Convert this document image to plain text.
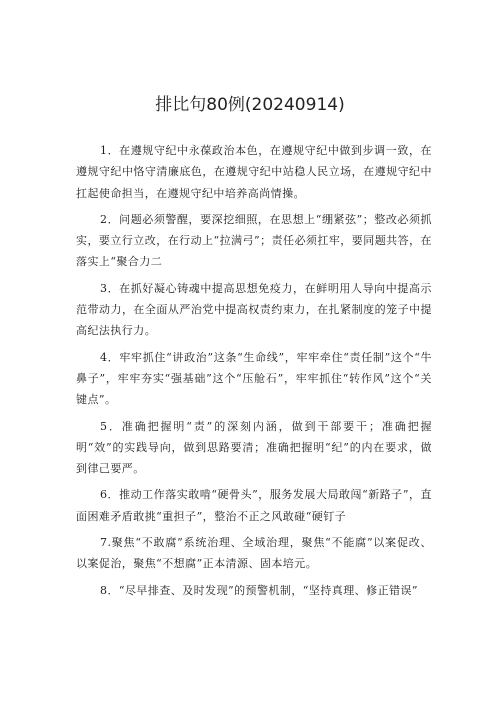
排比句80例(20240914)

1．在遵规守纪中永葆政治本色，在遵规守纪中做到步调一致，在遵规守纪中恪守清廉底色，在遵规守纪中站稳人民立场，在遵规守纪中扛起使命担当，在遵规守纪中培养高尚情操。

2．问题必须警醒，要深挖细照，在思想上“绷紧弦”；整改必须抓实，要立行立改，在行动上“拉满弓”；责任必须扛牢，要同题共答，在落实上“聚合力二

3．在抓好凝心铸魂中提高思想免疫力，在鲜明用人导向中提高示范带动力，在全面从严治党中提高权责约束力，在扎紧制度的笼子中提高纪法执行力。

4．牢牢抓住“讲政治”这条“生命线”，牢牢牵住“责任制”这个“牛鼻子”，牢牢夯实“强基础”这个“压舱石”，牢牢抓住“转作风”这个“关键点”。

5．准确把握明“责”的深刻内涵，做到干部要干；准确把握明“效”的实践导向，做到思路要清；准确把握明“纪”的内在要求，做到律己要严。

6．推动工作落实敢啃“硬骨头”，服务发展大局敢闯“新路子”，直面困难矛盾敢挑“重担子”，整治不正之风敢碰“硬钉子

7.聚焦“不敢腐”系统治理、全域治理，聚焦“不能腐”以案促改、以案促治，聚焦“不想腐”正本清源、固本培元。

8．“尽早排查、及时发现”的预警机制，“坚持真理、修正错误”
